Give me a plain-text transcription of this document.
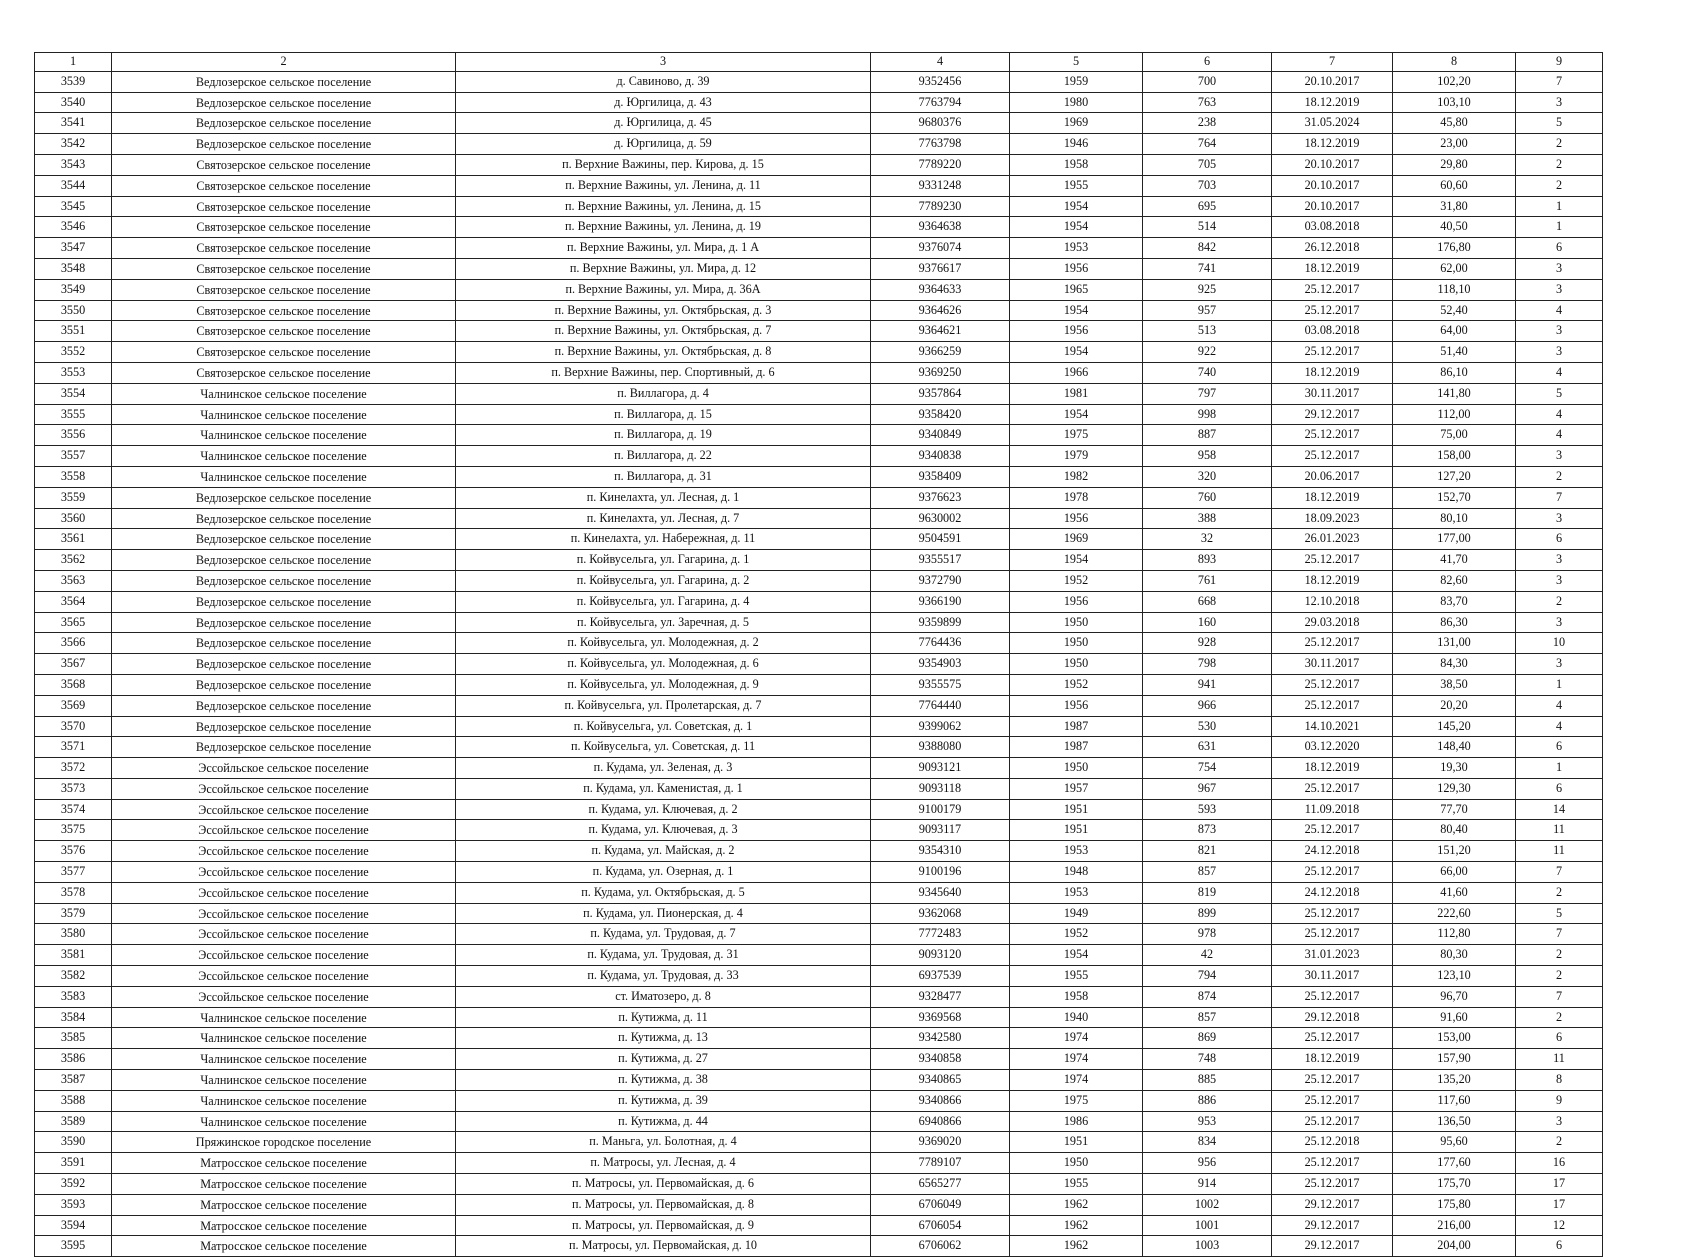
1	2	3	4	5	6	7	8	9
3539	Ведлозерское сельское поселение	д. Савиново, д. 39	9352456	1959	700	20.10.2017	102,20	7
3540	Ведлозерское сельское поселение	д. Юргилица, д. 43	7763794	1980	763	18.12.2019	103,10	3
3541	Ведлозерское сельское поселение	д. Юргилица, д. 45	9680376	1969	238	31.05.2024	45,80	5
3542	Ведлозерское сельское поселение	д. Юргилица, д. 59	7763798	1946	764	18.12.2019	23,00	2
3543	Святозерское сельское поселение	п. Верхние Важины, пер. Кирова, д. 15	7789220	1958	705	20.10.2017	29,80	2
3544	Святозерское сельское поселение	п. Верхние Важины, ул. Ленина, д. 11	9331248	1955	703	20.10.2017	60,60	2
3545	Святозерское сельское поселение	п. Верхние Важины, ул. Ленина, д. 15	7789230	1954	695	20.10.2017	31,80	1
3546	Святозерское сельское поселение	п. Верхние Важины, ул. Ленина, д. 19	9364638	1954	514	03.08.2018	40,50	1
3547	Святозерское сельское поселение	п. Верхние Важины, ул. Мира, д. 1 А	9376074	1953	842	26.12.2018	176,80	6
3548	Святозерское сельское поселение	п. Верхние Важины, ул. Мира, д. 12	9376617	1956	741	18.12.2019	62,00	3
3549	Святозерское сельское поселение	п. Верхние Важины, ул. Мира, д. 36А	9364633	1965	925	25.12.2017	118,10	3
3550	Святозерское сельское поселение	п. Верхние Важины, ул. Октябрьская, д. 3	9364626	1954	957	25.12.2017	52,40	4
3551	Святозерское сельское поселение	п. Верхние Важины, ул. Октябрьская, д. 7	9364621	1956	513	03.08.2018	64,00	3
3552	Святозерское сельское поселение	п. Верхние Важины, ул. Октябрьская, д. 8	9366259	1954	922	25.12.2017	51,40	3
3553	Святозерское сельское поселение	п. Верхние Важины, пер. Спортивный, д. 6	9369250	1966	740	18.12.2019	86,10	4
3554	Чалнинское сельское поселение	п. Виллагора, д. 4	9357864	1981	797	30.11.2017	141,80	5
3555	Чалнинское сельское поселение	п. Виллагора, д. 15	9358420	1954	998	29.12.2017	112,00	4
3556	Чалнинское сельское поселение	п. Виллагора, д. 19	9340849	1975	887	25.12.2017	75,00	4
3557	Чалнинское сельское поселение	п. Виллагора, д. 22	9340838	1979	958	25.12.2017	158,00	3
3558	Чалнинское сельское поселение	п. Виллагора, д. 31	9358409	1982	320	20.06.2017	127,20	2
3559	Ведлозерское сельское поселение	п. Кинелахта, ул. Лесная, д. 1	9376623	1978	760	18.12.2019	152,70	7
3560	Ведлозерское сельское поселение	п. Кинелахта, ул. Лесная, д. 7	9630002	1956	388	18.09.2023	80,10	3
3561	Ведлозерское сельское поселение	п. Кинелахта, ул. Набережная, д. 11	9504591	1969	32	26.01.2023	177,00	6
3562	Ведлозерское сельское поселение	п. Койвусельга, ул. Гагарина, д. 1	9355517	1954	893	25.12.2017	41,70	3
3563	Ведлозерское сельское поселение	п. Койвусельга, ул. Гагарина, д. 2	9372790	1952	761	18.12.2019	82,60	3
3564	Ведлозерское сельское поселение	п. Койвусельга, ул. Гагарина, д. 4	9366190	1956	668	12.10.2018	83,70	2
3565	Ведлозерское сельское поселение	п. Койвусельга, ул. Заречная, д. 5	9359899	1950	160	29.03.2018	86,30	3
3566	Ведлозерское сельское поселение	п. Койвусельга, ул. Молодежная, д. 2	7764436	1950	928	25.12.2017	131,00	10
3567	Ведлозерское сельское поселение	п. Койвусельга, ул. Молодежная, д. 6	9354903	1950	798	30.11.2017	84,30	3
3568	Ведлозерское сельское поселение	п. Койвусельга, ул. Молодежная, д. 9	9355575	1952	941	25.12.2017	38,50	1
3569	Ведлозерское сельское поселение	п. Койвусельга, ул. Пролетарская, д. 7	7764440	1956	966	25.12.2017	20,20	4
3570	Ведлозерское сельское поселение	п. Койвусельга, ул. Советская, д. 1	9399062	1987	530	14.10.2021	145,20	4
3571	Ведлозерское сельское поселение	п. Койвусельга, ул. Советская, д. 11	9388080	1987	631	03.12.2020	148,40	6
3572	Эссойльское сельское поселение	п. Кудама, ул. Зеленая, д. 3	9093121	1950	754	18.12.2019	19,30	1
3573	Эссойльское сельское поселение	п. Кудама, ул. Каменистая, д. 1	9093118	1957	967	25.12.2017	129,30	6
3574	Эссойльское сельское поселение	п. Кудама, ул. Ключевая, д. 2	9100179	1951	593	11.09.2018	77,70	14
3575	Эссойльское сельское поселение	п. Кудама, ул. Ключевая, д. 3	9093117	1951	873	25.12.2017	80,40	11
3576	Эссойльское сельское поселение	п. Кудама, ул. Майская, д. 2	9354310	1953	821	24.12.2018	151,20	11
3577	Эссойльское сельское поселение	п. Кудама, ул. Озерная, д. 1	9100196	1948	857	25.12.2017	66,00	7
3578	Эссойльское сельское поселение	п. Кудама, ул. Октябрьская, д. 5	9345640	1953	819	24.12.2018	41,60	2
3579	Эссойльское сельское поселение	п. Кудама, ул. Пионерская, д. 4	9362068	1949	899	25.12.2017	222,60	5
3580	Эссойльское сельское поселение	п. Кудама, ул. Трудовая, д. 7	7772483	1952	978	25.12.2017	112,80	7
3581	Эссойльское сельское поселение	п. Кудама, ул. Трудовая, д. 31	9093120	1954	42	31.01.2023	80,30	2
3582	Эссойльское сельское поселение	п. Кудама, ул. Трудовая, д. 33	6937539	1955	794	30.11.2017	123,10	2
3583	Эссойльское сельское поселение	ст. Иматозеро, д. 8	9328477	1958	874	25.12.2017	96,70	7
3584	Чалнинское сельское поселение	п. Кутижма, д. 11	9369568	1940	857	29.12.2018	91,60	2
3585	Чалнинское сельское поселение	п. Кутижма, д. 13	9342580	1974	869	25.12.2017	153,00	6
3586	Чалнинское сельское поселение	п. Кутижма, д. 27	9340858	1974	748	18.12.2019	157,90	11
3587	Чалнинское сельское поселение	п. Кутижма, д. 38	9340865	1974	885	25.12.2017	135,20	8
3588	Чалнинское сельское поселение	п. Кутижма, д. 39	9340866	1975	886	25.12.2017	117,60	9
3589	Чалнинское сельское поселение	п. Кутижма, д. 44	6940866	1986	953	25.12.2017	136,50	3
3590	Пряжинское городское поселение	п. Маньга, ул. Болотная, д. 4	9369020	1951	834	25.12.2018	95,60	2
3591	Матросское сельское поселение	п. Матросы, ул. Лесная, д. 4	7789107	1950	956	25.12.2017	177,60	16
3592	Матросское сельское поселение	п. Матросы, ул. Первомайская, д. 6	6565277	1955	914	25.12.2017	175,70	17
3593	Матросское сельское поселение	п. Матросы, ул. Первомайская, д. 8	6706049	1962	1002	29.12.2017	175,80	17
3594	Матросское сельское поселение	п. Матросы, ул. Первомайская, д. 9	6706054	1962	1001	29.12.2017	216,00	12
3595	Матросское сельское поселение	п. Матросы, ул. Первомайская, д. 10	6706062	1962	1003	29.12.2017	204,00	6
